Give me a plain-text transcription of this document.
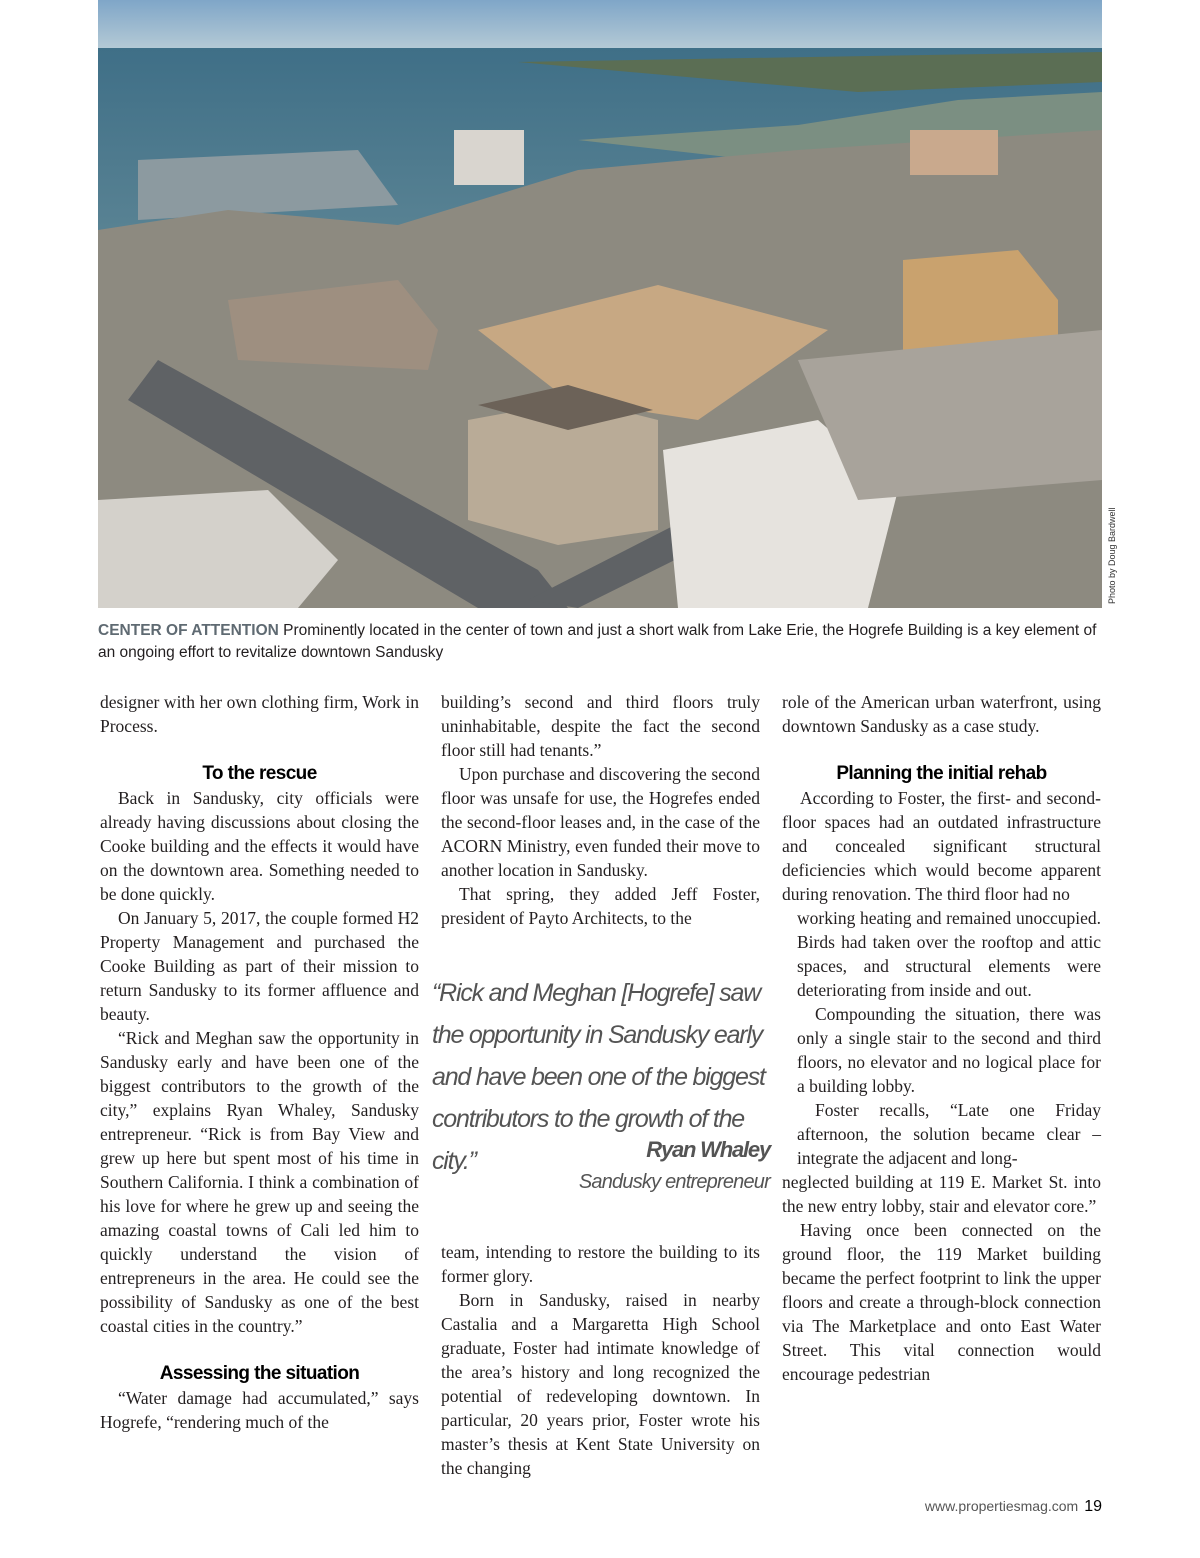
Photo by Doug Bardwell
CENTER OF ATTENTION Prominently located in the center of town and just a short walk from Lake Erie, the Hogrefe Building is a key element of an ongoing effort to revitalize downtown Sandusky

designer with her own clothing firm, Work in Process.

To the rescue

Back in Sandusky, city officials were already having discussions about closing the Cooke building and the effects it would have on the downtown area. Something needed to be done quickly.

On January 5, 2017, the couple formed H2 Property Management and purchased the Cooke Building as part of their mission to return Sandusky to its former affluence and beauty.

“Rick and Meghan saw the opportunity in Sandusky early and have been one of the biggest contributors to the growth of the city,” explains Ryan Whaley, Sandusky entrepreneur. “Rick is from Bay View and grew up here but spent most of his time in Southern California. I think a combination of his love for where he grew up and seeing the amazing coastal towns of Cali led him to quickly understand the vision of entrepreneurs in the area. He could see the possibility of Sandusky as one of the best coastal cities in the country.”

Assessing the situation

“Water damage had accumulated,” says Hogrefe, “rendering much of the

building’s second and third floors truly uninhabitable, despite the fact the second floor still had tenants.”

Upon purchase and discovering the second floor was unsafe for use, the Hogrefes ended the second-floor leases and, in the case of the ACORN Ministry, even funded their move to another location in Sandusky.

That spring, they added Jeff Foster, president of Payto Architects, to the

“Rick and Meghan [Hogrefe] saw the opportunity in Sandusky early and have been one of the biggest contributors to the growth of the city.”	Ryan Whaley
Sandusky entrepreneur

team, intending to restore the building to its former glory.

Born in Sandusky, raised in nearby Castalia and a Margaretta High School graduate, Foster had intimate knowledge of the area’s history and long recognized the potential of redeveloping downtown. In particular, 20 years prior, Foster wrote his master’s thesis at Kent State University on the changing

role of the American urban waterfront, using downtown Sandusky as a case study.

Planning the initial rehab

According to Foster, the first- and second-floor spaces had an outdated infrastructure and concealed significant structural deficiencies which would become apparent during renovation. The third floor had no

working heating and remained unoccupied. Birds had taken over the rooftop and attic spaces, and structural elements were deteriorating from inside and out.

Compounding the situation, there was only a single stair to the second and third floors, no elevator and no logical place for a building lobby.

Foster recalls, “Late one Friday afternoon, the solution became clear – integrate the adjacent and long-

neglected building at 119 E. Market St. into the new entry lobby, stair and elevator core.”

Having once been connected on the ground floor, the 119 Market building became the perfect footprint to link the upper floors and create a through-block connection via The Marketplace and onto East Water Street. This vital connection would encourage pedestrian

www.propertiesmag.com 19
